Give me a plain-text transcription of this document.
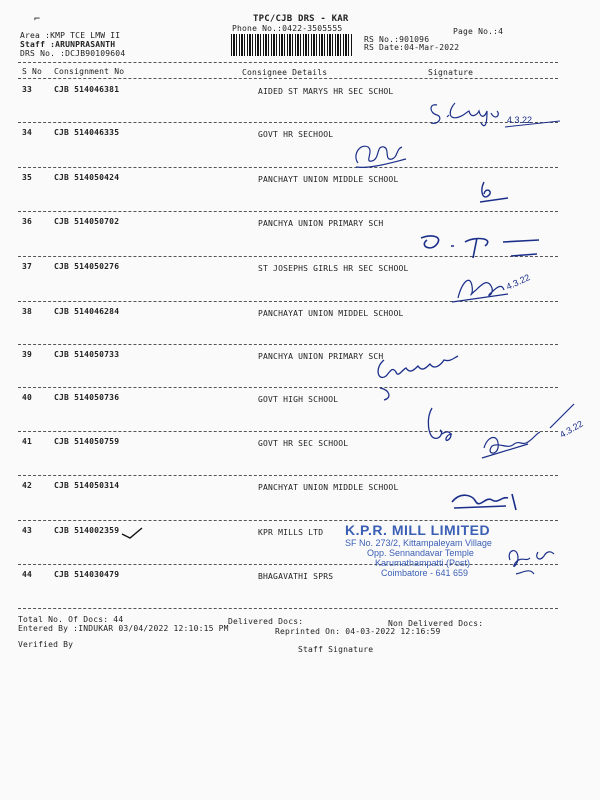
⌐	TPC/CJB DRS - KAR
Phone No.:0422-3505555	Page No.:4
Area :KMP TCE LMW II
Staff :ARUNPRASANTH
DRS No. :DCJB90109604
RS No.:901096
RS Date:04-Mar-2022
S No Consignment No	Consignee Details	Signature
33	CJB 514046381	AIDED ST MARYS HR SEC SCHOL
34	CJB 514046335	GOVT HR SECHOOL
35	CJB 514050424	PANCHAYT UNION MIDDLE SCHOOL
36	CJB 514050702	PANCHYA UNION PRIMARY SCH
37	CJB 514050276	ST JOSEPHS GIRLS HR SEC SCHOOL
38	CJB 514046284	PANCHAYAT UNION MIDDEL SCHOOL
39	CJB 514050733	PANCHYA UNION PRIMARY SCH
40	CJB 514050736	GOVT HIGH SCHOOL
41	CJB 514050759	GOVT HR SEC SCHOOL
42	CJB 514050314	PANCHYAT UNION MIDDLE SCHOOL
43	CJB 514002359	KPR MILLS LTD
44	CJB 514030479	BHAGAVATHI SPRS
4.3.22
4.3.22
4.3.22
K.P.R. MILL LIMITED
SF No. 273/2, Kittampaleyam Village
Opp. Sennandavar Temple
Karumathampatti (Post)
Coimbatore - 641 659
Total No. Of Docs: 44	Delivered Docs:	Non Delivered Docs:
Entered By :INDUKAR 03/04/2022 12:10:15 PM	Reprinted On: 04-03-2022 12:16:59
Verified By
Staff Signature
